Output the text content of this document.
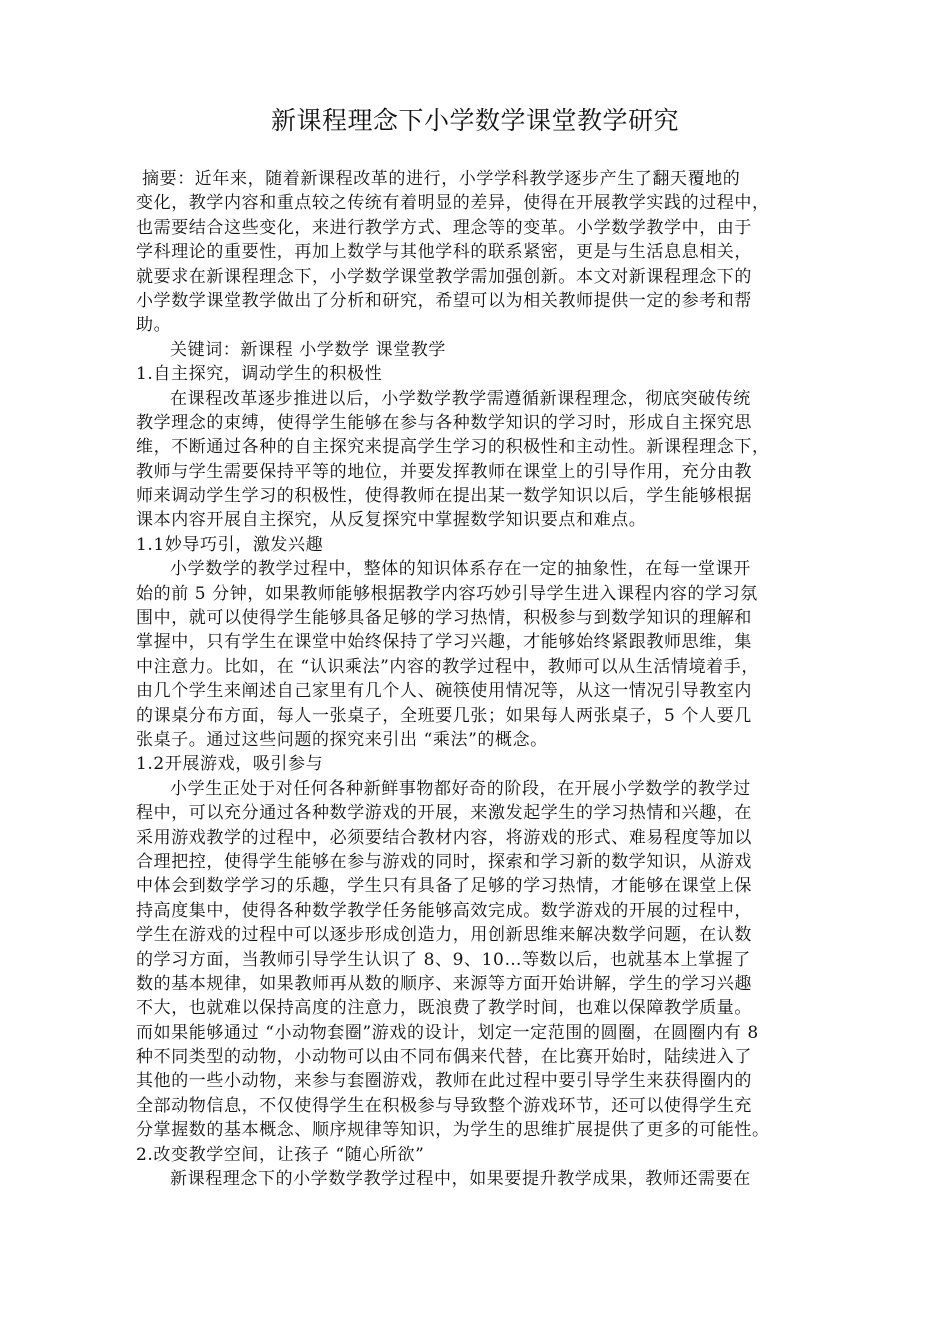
新课程理念下小学数学课堂教学研究
摘要：近年来，随着新课程改革的进行，小学学科教学逐步产生了翻天覆地的
变化，教学内容和重点较之传统有着明显的差异，使得在开展教学实践的过程中，
也需要结合这些变化，来进行教学方式、理念等的变革。小学数学教学中，由于
学科理论的重要性，再加上数学与其他学科的联系紧密，更是与生活息息相关，
就要求在新课程理念下，小学数学课堂教学需加强创新。本文对新课程理念下的
小学数学课堂教学做出了分析和研究，希望可以为相关教师提供一定的参考和帮
助。
关键词：新课程 小学数学 课堂教学
1.自主探究，调动学生的积极性
在课程改革逐步推进以后，小学数学教学需遵循新课程理念，彻底突破传统
教学理念的束缚，使得学生能够在参与各种数学知识的学习时，形成自主探究思
维，不断通过各种的自主探究来提高学生学习的积极性和主动性。新课程理念下，
教师与学生需要保持平等的地位，并要发挥教师在课堂上的引导作用，充分由教
师来调动学生学习的积极性，使得教师在提出某一数学知识以后，学生能够根据
课本内容开展自主探究，从反复探究中掌握数学知识要点和难点。
1.1妙导巧引，激发兴趣
小学数学的教学过程中，整体的知识体系存在一定的抽象性，在每一堂课开
始的前 5 分钟，如果教师能够根据教学内容巧妙引导学生进入课程内容的学习氛
围中，就可以使得学生能够具备足够的学习热情，积极参与到数学知识的理解和
掌握中，只有学生在课堂中始终保持了学习兴趣，才能够始终紧跟教师思维，集
中注意力。比如，在 “认识乘法”内容的教学过程中，教师可以从生活情境着手，
由几个学生来阐述自己家里有几个人、碗筷使用情况等，从这一情况引导教室内
的课桌分布方面，每人一张桌子，全班要几张；如果每人两张桌子，5 个人要几
张桌子。通过这些问题的探究来引出 “乘法”的概念。
1.2开展游戏，吸引参与
小学生正处于对任何各种新鲜事物都好奇的阶段，在开展小学数学的教学过
程中，可以充分通过各种数学游戏的开展，来激发起学生的学习热情和兴趣，在
采用游戏教学的过程中，必须要结合教材内容，将游戏的形式、难易程度等加以
合理把控，使得学生能够在参与游戏的同时，探索和学习新的数学知识，从游戏
中体会到数学学习的乐趣，学生只有具备了足够的学习热情，才能够在课堂上保
持高度集中，使得各种数学教学任务能够高效完成。数学游戏的开展的过程中，
学生在游戏的过程中可以逐步形成创造力，用创新思维来解决数学问题，在认数
的学习方面，当教师引导学生认识了 8、9、10…等数以后，也就基本上掌握了
数的基本规律，如果教师再从数的顺序、来源等方面开始讲解，学生的学习兴趣
不大，也就难以保持高度的注意力，既浪费了教学时间，也难以保障教学质量。
而如果能够通过 “小动物套圈”游戏的设计，划定一定范围的圆圈，在圆圈内有 8
种不同类型的动物，小动物可以由不同布偶来代替，在比赛开始时，陆续进入了
其他的一些小动物，来参与套圈游戏，教师在此过程中要引导学生来获得圈内的
全部动物信息，不仅使得学生在积极参与导致整个游戏环节，还可以使得学生充
分掌握数的基本概念、顺序规律等知识，为学生的思维扩展提供了更多的可能性。
2.改变教学空间，让孩子 “随心所欲”
新课程理念下的小学数学教学过程中，如果要提升教学成果，教师还需要在
